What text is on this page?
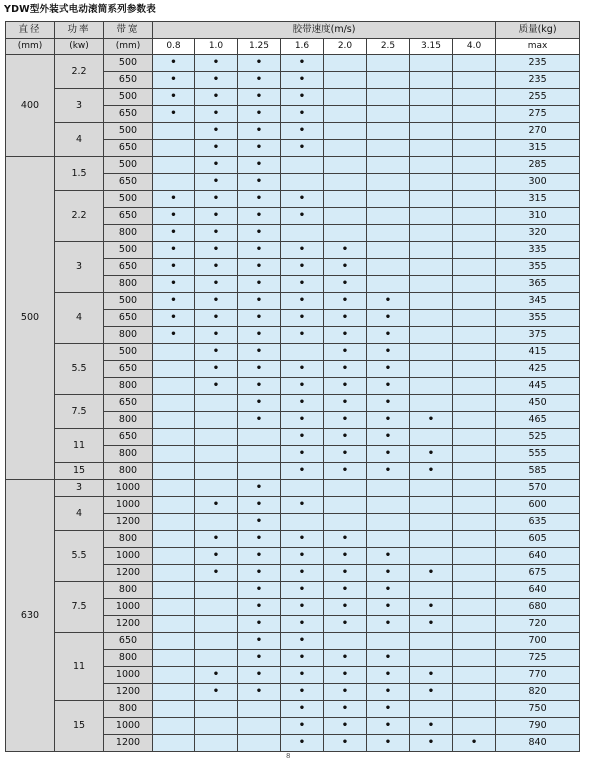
YDW型外装式电动滚筒系列参数表
直径	功率	带宽	胶带速度(m/s)								质量(kg)
(mm)	(kw)	(mm)	0.8	1.0	1.25	1.6	2.0	2.5	3.15	4.0	max
400	2.2	500	•	•	•	•					235
		650	•	•	•	•					235
	3	500	•	•	•	•					255
		650	•	•	•	•					275
	4	500		•	•	•					270
		650		•	•	•					315
500	1.5	500		•	•						285
		650		•	•						300
	2.2	500	•	•	•	•					315
		650	•	•	•	•					310
		800	•	•	•						320
	3	500	•	•	•	•	•				335
		650	•	•	•	•	•				355
		800	•	•	•	•	•				365
	4	500	•	•	•	•	•	•			345
		650	•	•	•	•	•	•			355
		800	•	•	•	•	•	•			375
	5.5	500		•	•		•	•			415
		650		•	•	•	•	•			425
		800		•	•	•	•	•			445
	7.5	650			•	•	•	•			450
		800			•	•	•	•	•		465
	11	650				•	•	•			525
		800				•	•	•	•		555
	15	800				•	•	•	•		585
630	3	1000			•						570
	4	1000		•	•	•					600
		1200			•						635
	5.5	800		•	•	•	•				605
		1000		•	•	•	•	•			640
		1200		•	•	•	•	•	•		675
	7.5	800			•	•	•	•			640
		1000			•	•	•	•	•		680
		1200			•	•	•	•	•		720
	11	650			•	•					700
		800			•	•	•	•			725
		1000		•	•	•	•	•	•		770
		1200		•	•	•	•	•	•		820
	15	800				•	•	•			750
		1000				•	•	•	•		790
		1200				•	•	•	•	•	840
8
